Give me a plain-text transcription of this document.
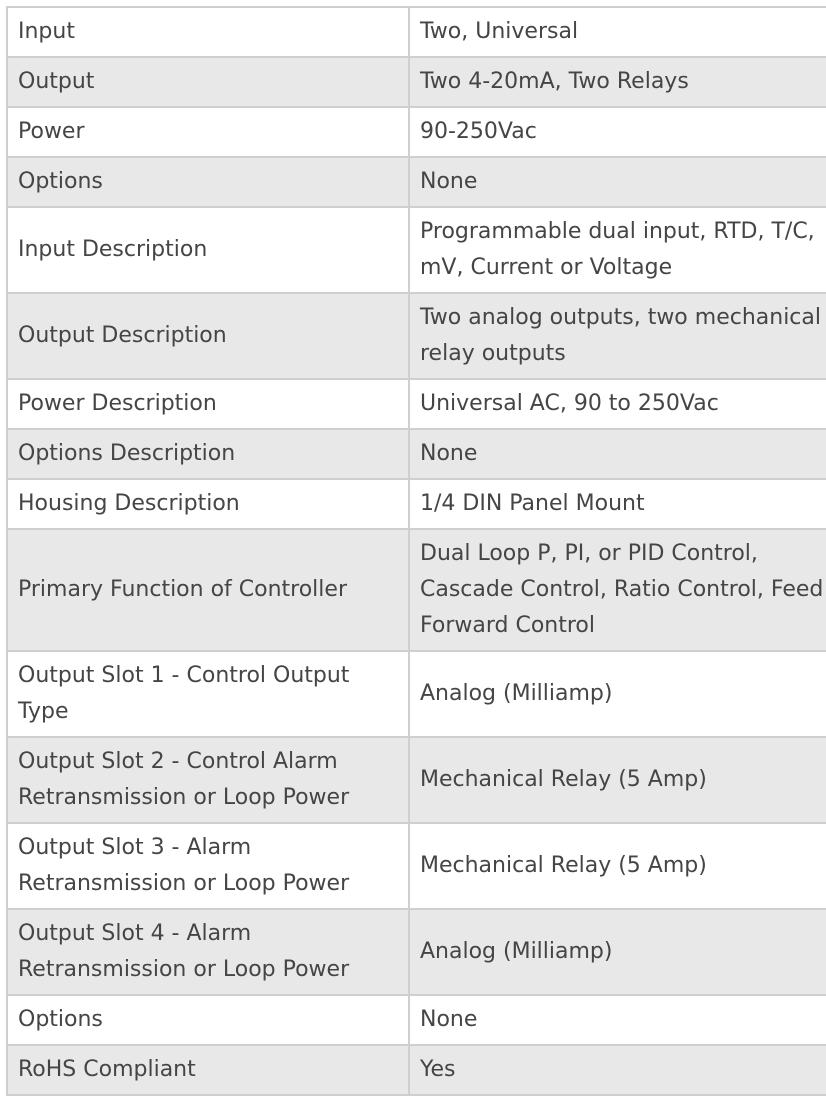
Input	Two, Universal
Output	Two 4-20mA, Two Relays
Power	90-250Vac
Options	None
Input Description	Programmable dual input, RTD, T/C, mV, Current or Voltage
Output Description	Two analog outputs, two mechanical relay outputs
Power Description	Universal AC, 90 to 250Vac
Options Description	None
Housing Description	1/4 DIN Panel Mount
Primary Function of Controller	Dual Loop P, PI, or PID Control, Cascade Control, Ratio Control, Feed Forward Control
Output Slot 1 - Control Output Type	Analog (Milliamp)
Output Slot 2 - Control Alarm Retransmission or Loop Power	Mechanical Relay (5 Amp)
Output Slot 3 - Alarm Retransmission or Loop Power	Mechanical Relay (5 Amp)
Output Slot 4 - Alarm Retransmission or Loop Power	Analog (Milliamp)
Options	None
RoHS Compliant	Yes
